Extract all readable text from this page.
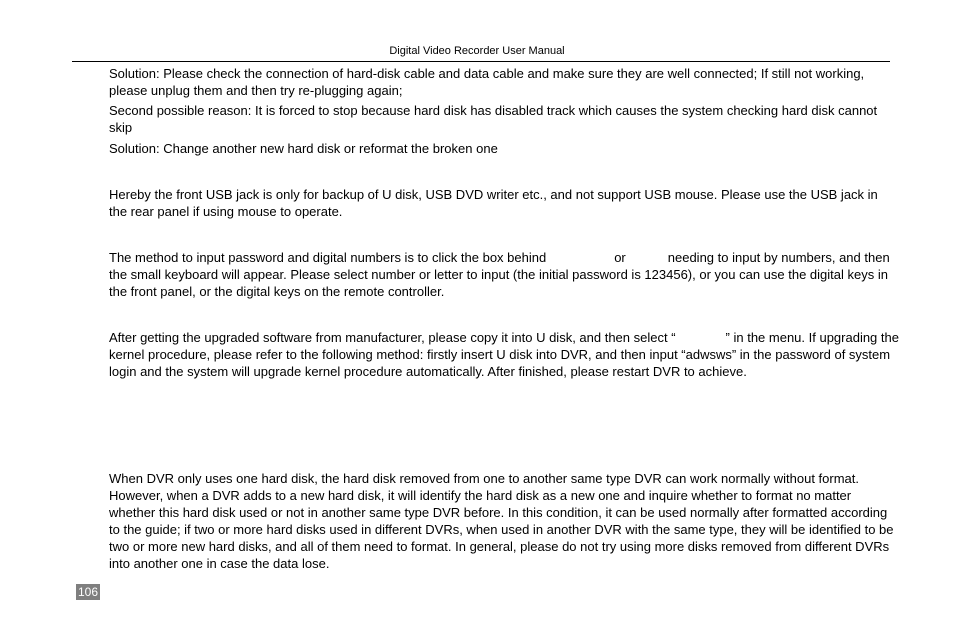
Digital Video Recorder User Manual

Solution: Please check the connection of hard-disk cable and data cable and make sure they are well connected; If still not working, please unplug them and then try re-plugging again;

Second possible reason: It is forced to stop because hard disk has disabled track which causes the system checking hard disk cannot skip

Solution: Change another new hard disk or reformat the broken one

Hereby the front USB jack is only for backup of U disk, USB DVD writer etc., and not support USB mouse. Please use the USB jack in the rear panel if using mouse to operate.

The method to input password and digital numbers is to click the box behind	or	needing to input by numbers, and then the small keyboard will appear. Please select number or letter to input (the initial password is 123456), or you can use the digital keys in the front panel, or the digital keys on the remote controller.

After getting the upgraded software from manufacturer, please copy it into U disk, and then select “	” in the menu. If upgrading the kernel procedure, please refer to the following method: firstly insert U disk into DVR, and then input “adwsws” in the password of system login and the system will upgrade kernel procedure automatically. After finished, please restart DVR to achieve.

When DVR only uses one hard disk, the hard disk removed from one to another same type DVR can work normally without format. However, when a DVR adds to a new hard disk, it will identify the hard disk as a new one and inquire whether to format no matter whether this hard disk used or not in another same type DVR before. In this condition, it can be used normally after formatted according to the guide; if two or more hard disks used in different DVRs, when used in another DVR with the same type, they will be identified to be two or more new hard disks, and all of them need to format. In general, please do not try using more disks removed from different DVRs into another one in case the data lose.

106
